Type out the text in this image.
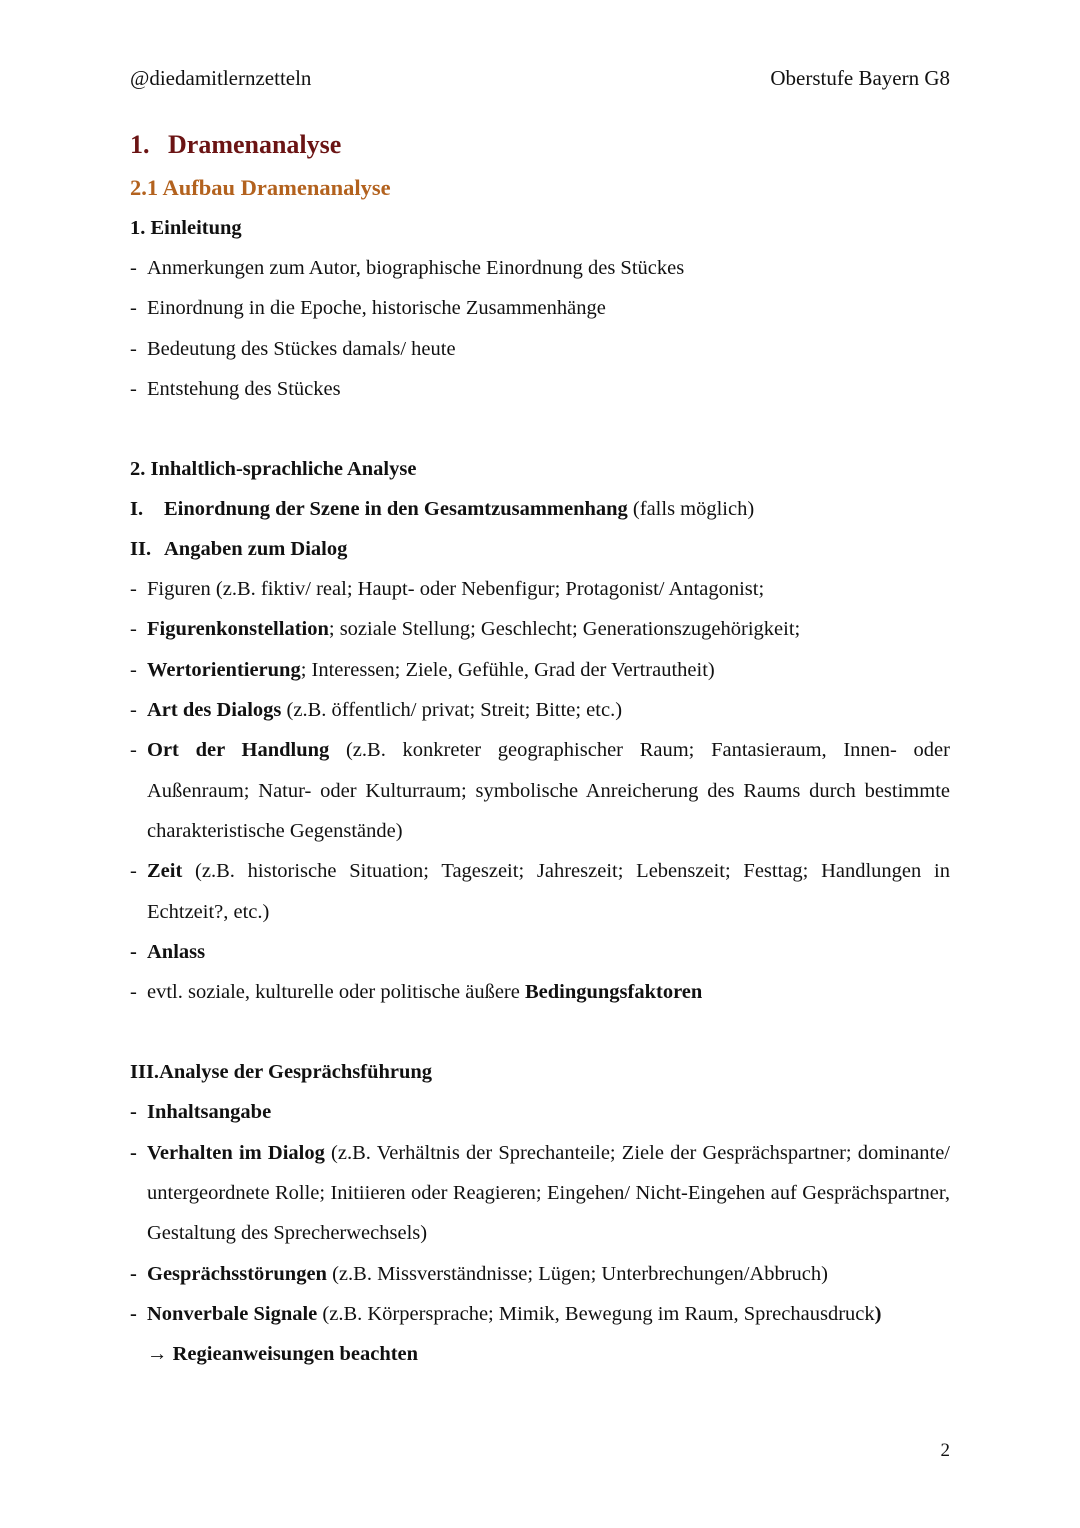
@diedamitlernzetteln	Oberstufe Bayern G8
1. Dramenanalyse
2.1 Aufbau Dramenanalyse

1. Einleitung

- Anmerkungen zum Autor, biographische Einordnung des Stückes

- Einordnung in die Epoche, historische Zusammenhänge

- Bedeutung des Stückes damals/ heute

- Entstehung des Stückes

2. Inhaltlich-sprachliche Analyse

I. Einordnung der Szene in den Gesamtzusammenhang (falls möglich)

II. Angaben zum Dialog

- Figuren (z.B. fiktiv/ real; Haupt- oder Nebenfigur; Protagonist/ Antagonist;

- Figurenkonstellation; soziale Stellung; Geschlecht; Generationszugehörigkeit;

- Wertorientierung; Interessen; Ziele, Gefühle, Grad der Vertrautheit)

- Art des Dialogs (z.B. öffentlich/ privat; Streit; Bitte; etc.)

- Ort der Handlung (z.B. konkreter geographischer Raum; Fantasieraum, Innen- oder Außenraum; Natur- oder Kulturraum; symbolische Anreicherung des Raums durch bestimmte charakteristische Gegenstände)

- Zeit (z.B. historische Situation; Tageszeit; Jahreszeit; Lebenszeit; Festtag; Handlungen in Echtzeit?, etc.)

- Anlass

- evtl. soziale, kulturelle oder politische äußere Bedingungsfaktoren

III.Analyse der Gesprächsführung

- Inhaltsangabe

- Verhalten im Dialog (z.B. Verhältnis der Sprechanteile; Ziele der Gesprächspartner; dominante/ untergeordnete Rolle; Initiieren oder Reagieren; Eingehen/ Nicht-Eingehen auf Gesprächspartner, Gestaltung des Sprecherwechsels)

- Gesprächsstörungen (z.B. Missverständnisse; Lügen; Unterbrechungen/Abbruch)

- Nonverbale Signale (z.B. Körpersprache; Mimik, Bewegung im Raum, Sprechausdruck)

→ Regieanweisungen beachten

2
